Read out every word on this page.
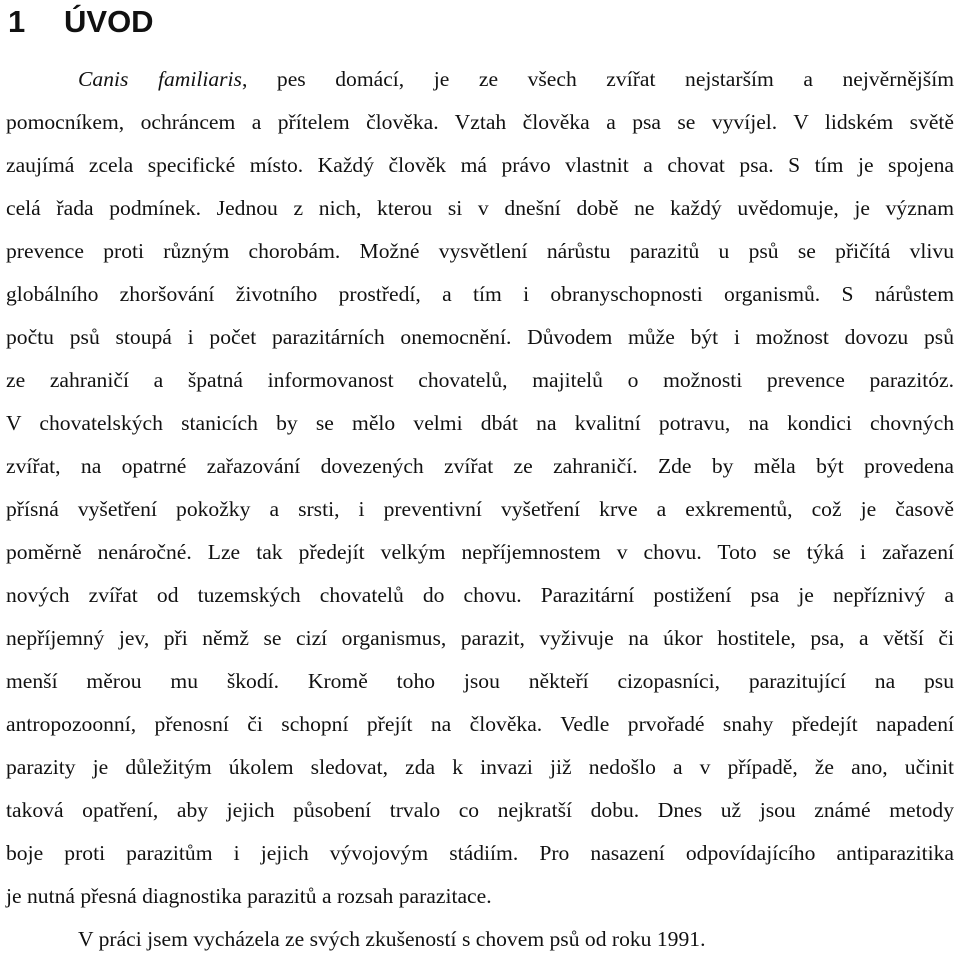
1 ÚVOD
Canis familiaris, pes domácí, je ze všech zvířat nejstarším a nejvěrnějším
pomocníkem, ochráncem a přítelem člověka. Vztah člověka a psa se vyvíjel. V lidském světě
zaujímá zcela specifické místo. Každý člověk má právo vlastnit a chovat psa. S tím je spojena
celá řada podmínek. Jednou z nich, kterou si v dnešní době ne každý uvědomuje, je význam
prevence proti různým chorobám. Možné vysvětlení nárůstu parazitů u psů se přičítá vlivu
globálního zhoršování životního prostředí, a tím i obranyschopnosti organismů. S nárůstem
počtu psů stoupá i počet parazitárních onemocnění. Důvodem může být i možnost dovozu psů
ze zahraničí a špatná informovanost chovatelů, majitelů o možnosti prevence parazitóz.
V chovatelských stanicích by se mělo velmi dbát na kvalitní potravu, na kondici chovných
zvířat, na opatrné zařazování dovezených zvířat ze zahraničí. Zde by měla být provedena
přísná vyšetření pokožky a srsti, i preventivní vyšetření krve a exkrementů, což je časově
poměrně nenáročné. Lze tak předejít velkým nepříjemnostem v chovu. Toto se týká i zařazení
nových zvířat od tuzemských chovatelů do chovu. Parazitární postižení psa je nepříznivý a
nepříjemný jev, při němž se cizí organismus, parazit, vyživuje na úkor hostitele, psa, a větší či
menší měrou mu škodí. Kromě toho jsou někteří cizopasníci, parazitující na psu
antropozoonní, přenosní či schopní přejít na člověka. Vedle prvořadé snahy předejít napadení
parazity je důležitým úkolem sledovat, zda k invazi již nedošlo a v případě, že ano, učinit
taková opatření, aby jejich působení trvalo co nejkratší dobu. Dnes už jsou známé metody
boje proti parazitům i jejich vývojovým stádiím. Pro nasazení odpovídajícího antiparazitika
je nutná přesná diagnostika parazitů a rozsah parazitace.
V práci jsem vycházela ze svých zkušeností s chovem psů od roku 1991.
